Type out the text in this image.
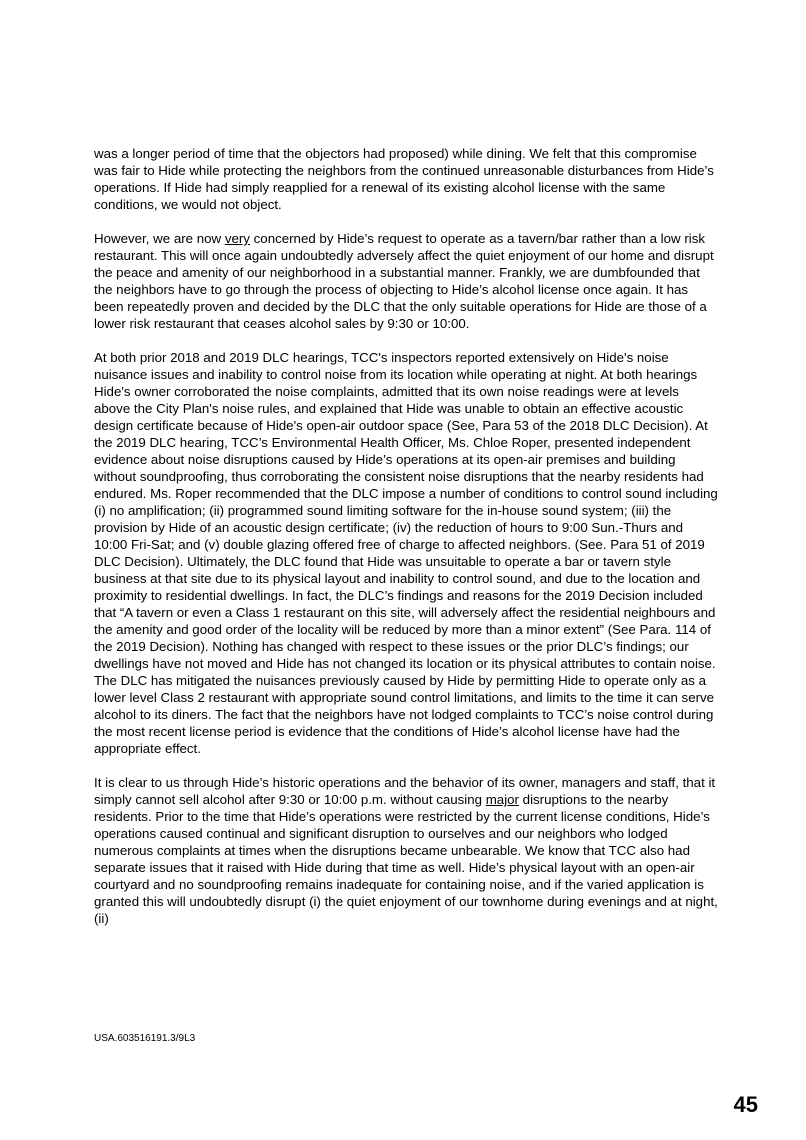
was a longer period of time that the objectors had proposed) while dining. We felt that this compromise was fair to Hide while protecting the neighbors from the continued unreasonable disturbances from Hide’s operations. If Hide had simply reapplied for a renewal of its existing alcohol license with the same conditions, we would not object.

However, we are now very concerned by Hide’s request to operate as a tavern/bar rather than a low risk restaurant. This will once again undoubtedly adversely affect the quiet enjoyment of our home and disrupt the peace and amenity of our neighborhood in a substantial manner. Frankly, we are dumbfounded that the neighbors have to go through the process of objecting to Hide’s alcohol license once again. It has been repeatedly proven and decided by the DLC that the only suitable operations for Hide are those of a lower risk restaurant that ceases alcohol sales by 9:30 or 10:00.

At both prior 2018 and 2019 DLC hearings, TCC's inspectors reported extensively on Hide's noise nuisance issues and inability to control noise from its location while operating at night. At both hearings Hide's owner corroborated the noise complaints, admitted that its own noise readings were at levels above the City Plan's noise rules, and explained that Hide was unable to obtain an effective acoustic design certificate because of Hide's open-air outdoor space (See, Para 53 of the 2018 DLC Decision). At the 2019 DLC hearing, TCC’s Environmental Health Officer, Ms. Chloe Roper, presented independent evidence about noise disruptions caused by Hide’s operations at its open-air premises and building without soundproofing, thus corroborating the consistent noise disruptions that the nearby residents had endured. Ms. Roper recommended that the DLC impose a number of conditions to control sound including (i) no amplification; (ii) programmed sound limiting software for the in-house sound system; (iii) the provision by Hide of an acoustic design certificate; (iv) the reduction of hours to 9:00 Sun.-Thurs and 10:00 Fri-Sat; and (v) double glazing offered free of charge to affected neighbors. (See. Para 51 of 2019 DLC Decision). Ultimately, the DLC found that Hide was unsuitable to operate a bar or tavern style business at that site due to its physical layout and inability to control sound, and due to the location and proximity to residential dwellings. In fact, the DLC’s findings and reasons for the 2019 Decision included that “A tavern or even a Class 1 restaurant on this site, will adversely affect the residential neighbours and the amenity and good order of the locality will be reduced by more than a minor extent” (See Para. 114 of the 2019 Decision). Nothing has changed with respect to these issues or the prior DLC’s findings; our dwellings have not moved and Hide has not changed its location or its physical attributes to contain noise. The DLC has mitigated the nuisances previously caused by Hide by permitting Hide to operate only as a lower level Class 2 restaurant with appropriate sound control limitations, and limits to the time it can serve alcohol to its diners. The fact that the neighbors have not lodged complaints to TCC’s noise control during the most recent license period is evidence that the conditions of Hide’s alcohol license have had the appropriate effect.

It is clear to us through Hide’s historic operations and the behavior of its owner, managers and staff, that it simply cannot sell alcohol after 9:30 or 10:00 p.m. without causing major disruptions to the nearby residents. Prior to the time that Hide’s operations were restricted by the current license conditions, Hide’s operations caused continual and significant disruption to ourselves and our neighbors who lodged numerous complaints at times when the disruptions became unbearable. We know that TCC also had separate issues that it raised with Hide during that time as well. Hide’s physical layout with an open-air courtyard and no soundproofing remains inadequate for containing noise, and if the varied application is granted this will undoubtedly disrupt (i) the quiet enjoyment of our townhome during evenings and at night, (ii)

USA.603516191.3/9L3
45
